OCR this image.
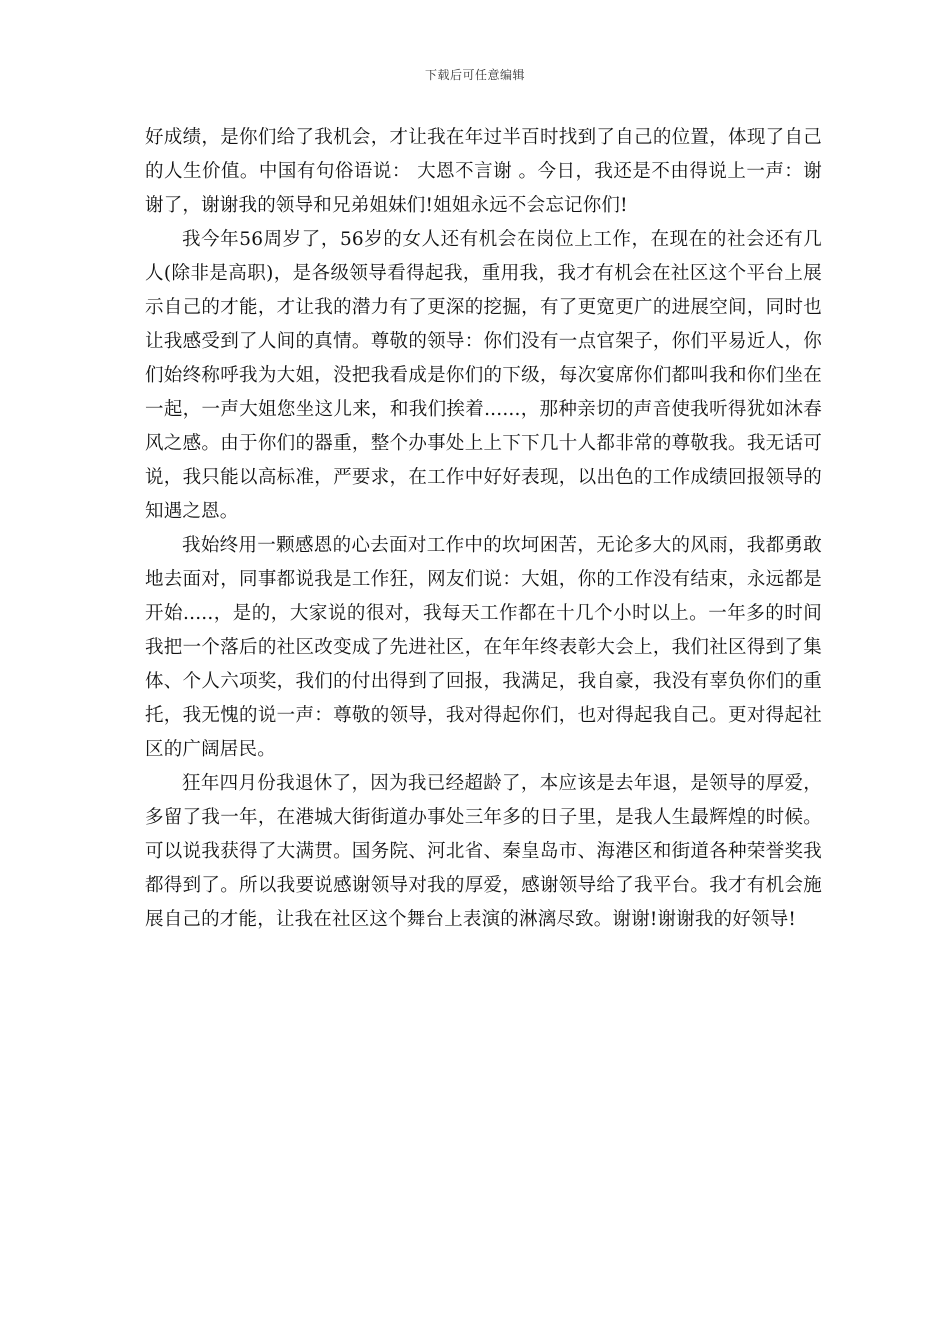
下载后可任意编辑

好成绩，是你们给了我机会，才让我在年过半百时找到了自己的位置，体现了自己的人生价值。中国有句俗语说： 大恩不言谢 。今日，我还是不由得说上一声：谢谢了，谢谢我的领导和兄弟姐妹们!姐姐永远不会忘记你们!

我今年56周岁了，56岁的女人还有机会在岗位上工作，在现在的社会还有几人(除非是高职)，是各级领导看得起我，重用我，我才有机会在社区这个平台上展示自己的才能，才让我的潜力有了更深的挖掘，有了更宽更广的进展空间，同时也让我感受到了人间的真情。尊敬的领导：你们没有一点官架子，你们平易近人，你们始终称呼我为大姐，没把我看成是你们的下级，每次宴席你们都叫我和你们坐在一起，一声大姐您坐这儿来，和我们挨着......，那种亲切的声音使我听得犹如沐春风之感。由于你们的器重，整个办事处上上下下几十人都非常的尊敬我。我无话可说，我只能以高标准，严要求，在工作中好好表现，以出色的工作成绩回报领导的知遇之恩。

我始终用一颗感恩的心去面对工作中的坎坷困苦，无论多大的风雨，我都勇敢地去面对，同事都说我是工作狂，网友们说：大姐，你的工作没有结束，永远都是开始.....，是的，大家说的很对，我每天工作都在十几个小时以上。一年多的时间我把一个落后的社区改变成了先进社区，在年年终表彰大会上，我们社区得到了集体、个人六项奖，我们的付出得到了回报，我满足，我自豪，我没有辜负你们的重托，我无愧的说一声：尊敬的领导，我对得起你们，也对得起我自己。更对得起社区的广阔居民。

狂年四月份我退休了，因为我已经超龄了，本应该是去年退，是领导的厚爱，多留了我一年，在港城大街街道办事处三年多的日子里，是我人生最辉煌的时候。可以说我获得了大满贯。国务院、河北省、秦皇岛市、海港区和街道各种荣誉奖我都得到了。所以我要说感谢领导对我的厚爱，感谢领导给了我平台。我才有机会施展自己的才能，让我在社区这个舞台上表演的淋漓尽致。谢谢!谢谢我的好领导!
